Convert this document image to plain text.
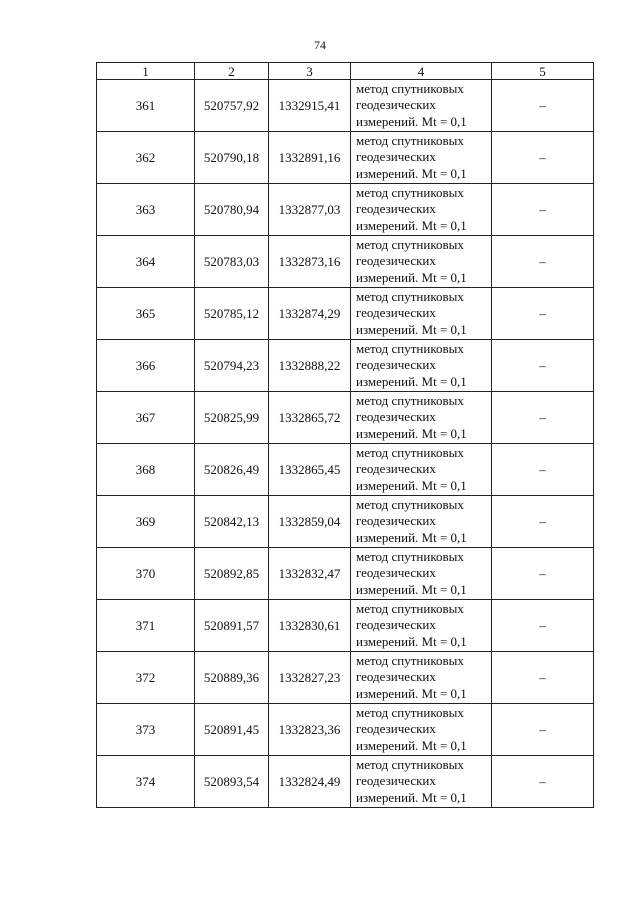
74
1	2	3	4	5
361	520757,92	1332915,41	метод спутниковых
геодезических
измерений. Mt = 0,1	–
362	520790,18	1332891,16	метод спутниковых
геодезических
измерений. Mt = 0,1	–
363	520780,94	1332877,03	метод спутниковых
геодезических
измерений. Mt = 0,1	–
364	520783,03	1332873,16	метод спутниковых
геодезических
измерений. Mt = 0,1	–
365	520785,12	1332874,29	метод спутниковых
геодезических
измерений. Mt = 0,1	–
366	520794,23	1332888,22	метод спутниковых
геодезических
измерений. Mt = 0,1	–
367	520825,99	1332865,72	метод спутниковых
геодезических
измерений. Mt = 0,1	–
368	520826,49	1332865,45	метод спутниковых
геодезических
измерений. Mt = 0,1	–
369	520842,13	1332859,04	метод спутниковых
геодезических
измерений. Mt = 0,1	–
370	520892,85	1332832,47	метод спутниковых
геодезических
измерений. Mt = 0,1	–
371	520891,57	1332830,61	метод спутниковых
геодезических
измерений. Mt = 0,1	–
372	520889,36	1332827,23	метод спутниковых
геодезических
измерений. Mt = 0,1	–
373	520891,45	1332823,36	метод спутниковых
геодезических
измерений. Mt = 0,1	–
374	520893,54	1332824,49	метод спутниковых
геодезических
измерений. Mt = 0,1	–
